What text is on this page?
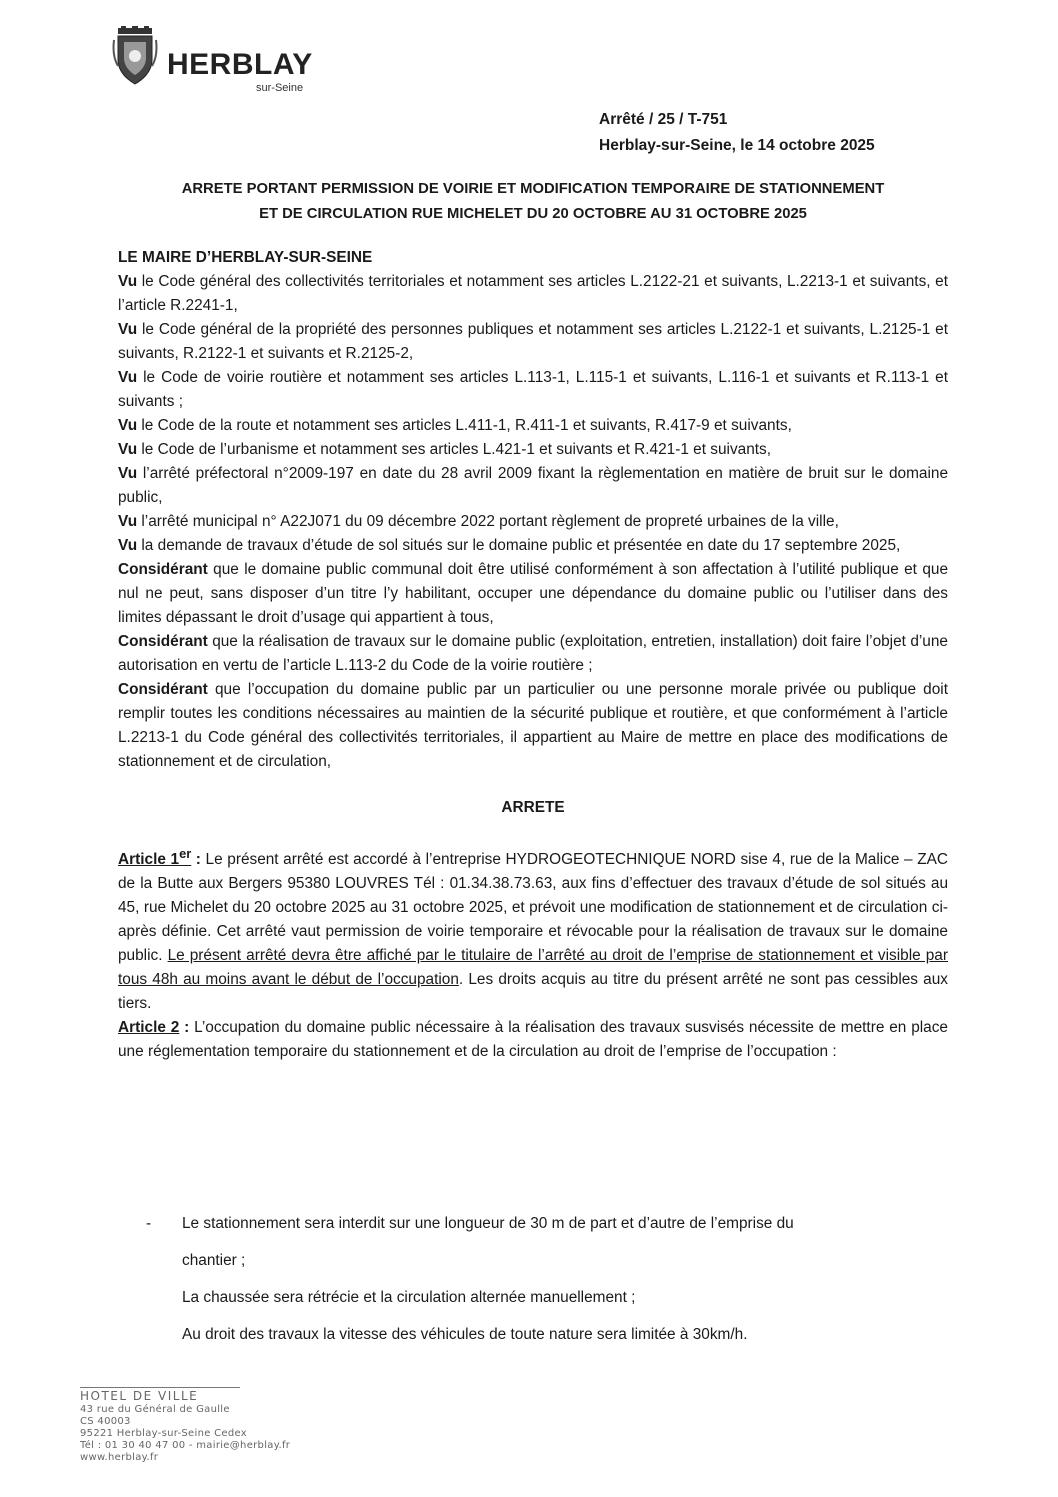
HERBLAY
sur-Seine
Arrêté / 25 / T-751
Herblay-sur-Seine, le 14 octobre 2025
ARRETE PORTANT PERMISSION DE VOIRIE ET MODIFICATION TEMPORAIRE DE STATIONNEMENT
ET DE CIRCULATION RUE MICHELET DU 20 OCTOBRE AU 31 OCTOBRE 2025
LE MAIRE D’HERBLAY-SUR-SEINE

Vu le Code général des collectivités territoriales et notamment ses articles L.2122-21 et suivants, L.2213-1 et suivants, et l’article R.2241-1,

Vu le Code général de la propriété des personnes publiques et notamment ses articles L.2122-1 et suivants, L.2125-1 et suivants, R.2122-1 et suivants et R.2125-2,

Vu le Code de voirie routière et notamment ses articles L.113-1, L.115-1 et suivants, L.116-1 et suivants et R.113-1 et suivants ;

Vu le Code de la route et notamment ses articles L.411-1, R.411-1 et suivants, R.417-9 et suivants,

Vu le Code de l’urbanisme et notamment ses articles L.421-1 et suivants et R.421-1 et suivants,

Vu l’arrêté préfectoral n°2009-197 en date du 28 avril 2009 fixant la règlementation en matière de bruit sur le domaine public,

Vu l’arrêté municipal n° A22J071 du 09 décembre 2022 portant règlement de propreté urbaines de la ville,

Vu la demande de travaux d’étude de sol situés sur le domaine public et présentée en date du 17 septembre 2025,

Considérant que le domaine public communal doit être utilisé conformément à son affectation à l’utilité publique et que nul ne peut, sans disposer d’un titre l’y habilitant, occuper une dépendance du domaine public ou l’utiliser dans des limites dépassant le droit d’usage qui appartient à tous,

Considérant que la réalisation de travaux sur le domaine public (exploitation, entretien, installation) doit faire l’objet d’une autorisation en vertu de l’article L.113-2 du Code de la voirie routière ;

Considérant que l’occupation du domaine public par un particulier ou une personne morale privée ou publique doit remplir toutes les conditions nécessaires au maintien de la sécurité publique et routière, et que conformément à l’article L.2213-1 du Code général des collectivités territoriales, il appartient au Maire de mettre en place des modifications de stationnement et de circulation,

ARRETE

Article 1er : Le présent arrêté est accordé à l’entreprise HYDROGEOTECHNIQUE NORD sise 4, rue de la Malice – ZAC de la Butte aux Bergers 95380 LOUVRES Tél : 01.34.38.73.63, aux fins d’effectuer des travaux d’étude de sol situés au 45, rue Michelet du 20 octobre 2025 au 31 octobre 2025, et prévoit une modification de stationnement et de circulation ci-après définie. Cet arrêté vaut permission de voirie temporaire et révocable pour la réalisation de travaux sur le domaine public. Le présent arrêté devra être affiché par le titulaire de l’arrêté au droit de l’emprise de stationnement et visible par tous 48h au moins avant le début de l’occupation. Les droits acquis au titre du présent arrêté ne sont pas cessibles aux tiers.

Article 2 : L’occupation du domaine public nécessaire à la réalisation des travaux susvisés nécessite de mettre en place une réglementation temporaire du stationnement et de la circulation au droit de l’emprise de l’occupation :

-	Le stationnement sera interdit sur une longueur de 30 m de part et d’autre de l’emprise du
chantier ;
La chaussée sera rétrécie et la circulation alternée manuellement ;
Au droit des travaux la vitesse des véhicules de toute nature sera limitée à 30km/h.
HOTEL DE VILLE
43 rue du Général de Gaulle
CS 40003
95221 Herblay-sur-Seine Cedex
Tél : 01 30 40 47 00 - mairie@herblay.fr
www.herblay.fr
